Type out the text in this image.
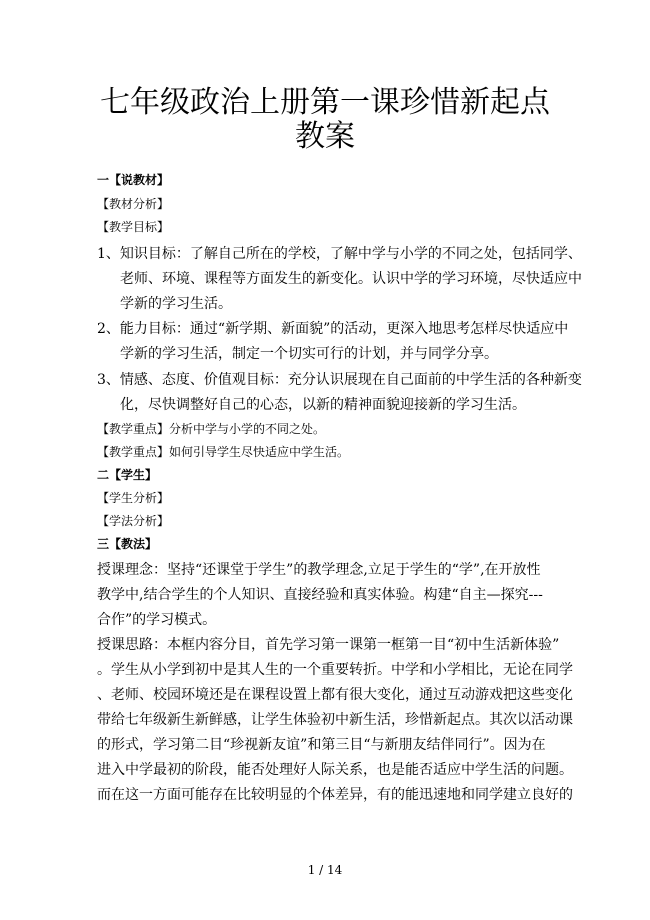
七年级政治上册第一课珍惜新起点
教案
一【说教材】
【教材分析】
【教学目标】
1、知识目标：了解自己所在的学校，了解中学与小学的不同之处，包括同学、
老师、环境、课程等方面发生的新变化。认识中学的学习环境，尽快适应中
学新的学习生活。
2、能力目标：通过“新学期、新面貌”的活动，更深入地思考怎样尽快适应中
学新的学习生活，制定一个切实可行的计划，并与同学分享。
3、情感、态度、价值观目标：充分认识展现在自己面前的中学生活的各种新变
化，尽快调整好自己的心态，以新的精神面貌迎接新的学习生活。
【教学重点】分析中学与小学的不同之处。
【教学重点】如何引导学生尽快适应中学生活。
二【学生】
【学生分析】
【学法分析】
三【教法】
授课理念：坚持“还课堂于学生”的教学理念,立足于学生的“学”,在开放性
教学中,结合学生的个人知识、直接经验和真实体验。构建“自主—探究---
合作”的学习模式。
授课思路：本框内容分目，首先学习第一课第一框第一目“初中生活新体验”
。学生从小学到初中是其人生的一个重要转折。中学和小学相比，无论在同学
、老师、校园环境还是在课程设置上都有很大变化，通过互动游戏把这些变化
带给七年级新生新鲜感，让学生体验初中新生活，珍惜新起点。其次以活动课
的形式，学习第二目“珍视新友谊”和第三目“与新朋友结伴同行”。因为在
进入中学最初的阶段，能否处理好人际关系，也是能否适应中学生活的问题。
而在这一方面可能存在比较明显的个体差异，有的能迅速地和同学建立良好的
1 / 14
